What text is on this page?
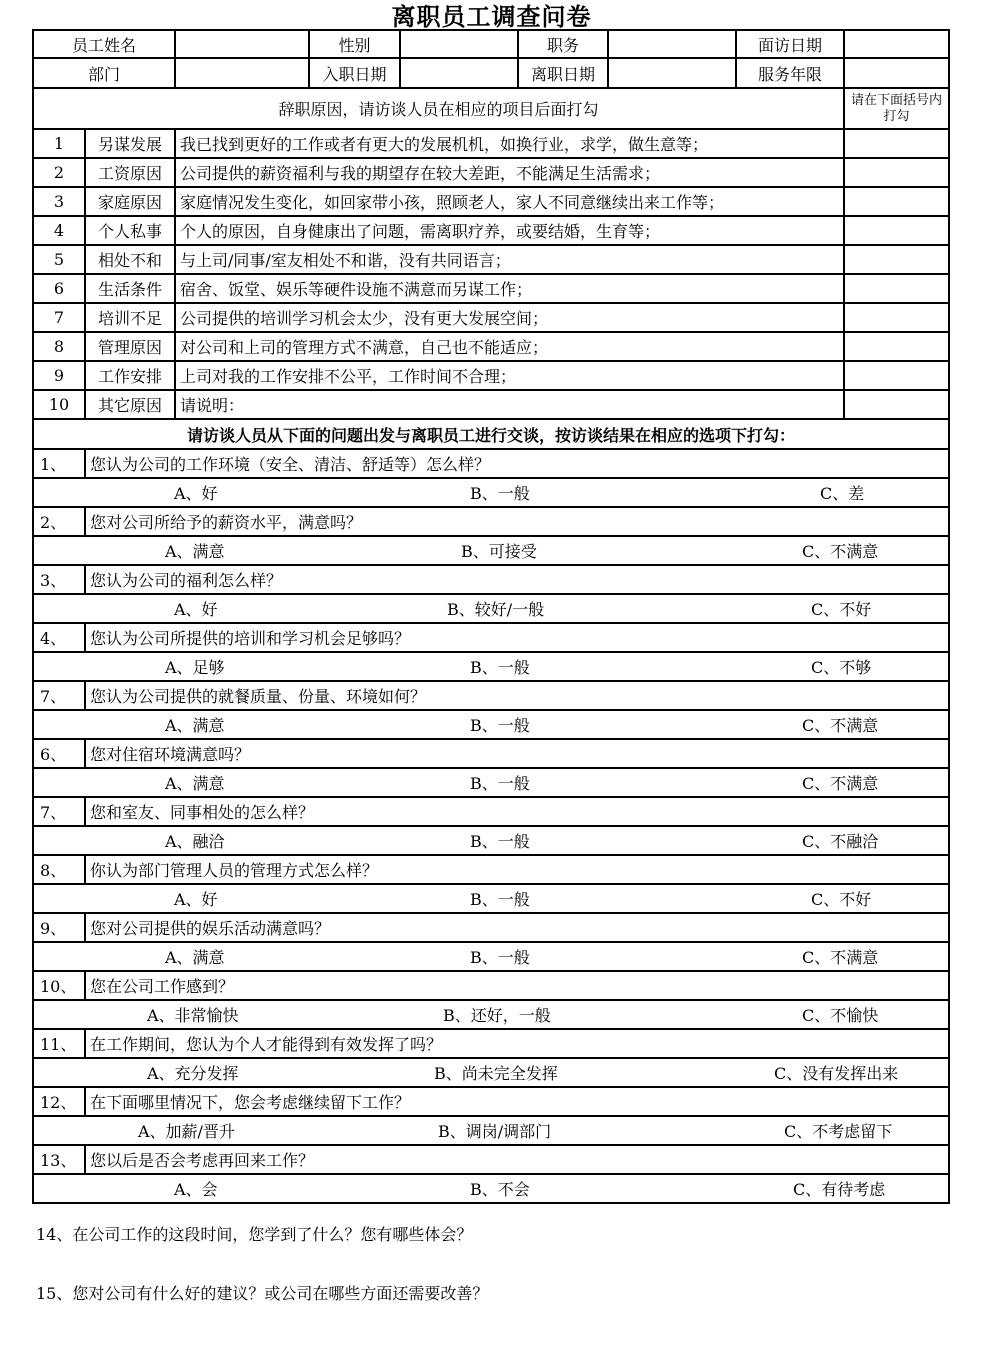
离职员工调查问卷
员工姓名	性别	职务	面访日期
部门	入职日期	离职日期	服务年限
辞职原因，请访谈人员在相应的项目后面打勾	请在下面括号内打勾
1	另谋发展	我已找到更好的工作或者有更大的发展机机，如换行业，求学，做生意等；
2	工资原因	公司提供的薪资福利与我的期望存在较大差距，不能满足生活需求；
3	家庭原因	家庭情况发生变化，如回家带小孩，照顾老人，家人不同意继续出来工作等；
4	个人私事	个人的原因，自身健康出了问题，需离职疗养，或要结婚，生育等；
5	相处不和	与上司/同事/室友相处不和谐，没有共同语言；
6	生活条件	宿舍、饭堂、娱乐等硬件设施不满意而另谋工作；
7	培训不足	公司提供的培训学习机会太少，没有更大发展空间；
8	管理原因	对公司和上司的管理方式不满意，自己也不能适应；
9	工作安排	上司对我的工作安排不公平，工作时间不合理；
10	其它原因	请说明：
请访谈人员从下面的问题出发与离职员工进行交谈，按访谈结果在相应的选项下打勾：
1、	您认为公司的工作环境（安全、清洁、舒适等）怎么样？
A、好	B、一般	C、差
2、	您对公司所给予的薪资水平，满意吗？
A、满意	B、可接受	C、不满意
3、	您认为公司的福利怎么样？
A、好	B、较好/一般	C、不好
4、	您认为公司所提供的培训和学习机会足够吗？
A、足够	B、一般	C、不够
7、	您认为公司提供的就餐质量、份量、环境如何？
A、满意	B、一般	C、不满意
6、	您对住宿环境满意吗？
A、满意	B、一般	C、不满意
7、	您和室友、同事相处的怎么样？
A、融洽	B、一般	C、不融洽
8、	你认为部门管理人员的管理方式怎么样？
A、好	B、一般	C、不好
9、	您对公司提供的娱乐活动满意吗？
A、满意	B、一般	C、不满意
10、 您在公司工作感到？
A、非常愉快	B、还好，一般	C、不愉快
11、 在工作期间，您认为个人才能得到有效发挥了吗？
A、充分发挥	B、尚未完全发挥	C、没有发挥出来
12、 在下面哪里情况下，您会考虑继续留下工作？
A、加薪/晋升	B、调岗/调部门	C、不考虑留下
13、 您以后是否会考虑再回来工作？
A、会	B、不会	C、有待考虑
14、在公司工作的这段时间，您学到了什么？您有哪些体会？
15、您对公司有什么好的建议？或公司在哪些方面还需要改善？
